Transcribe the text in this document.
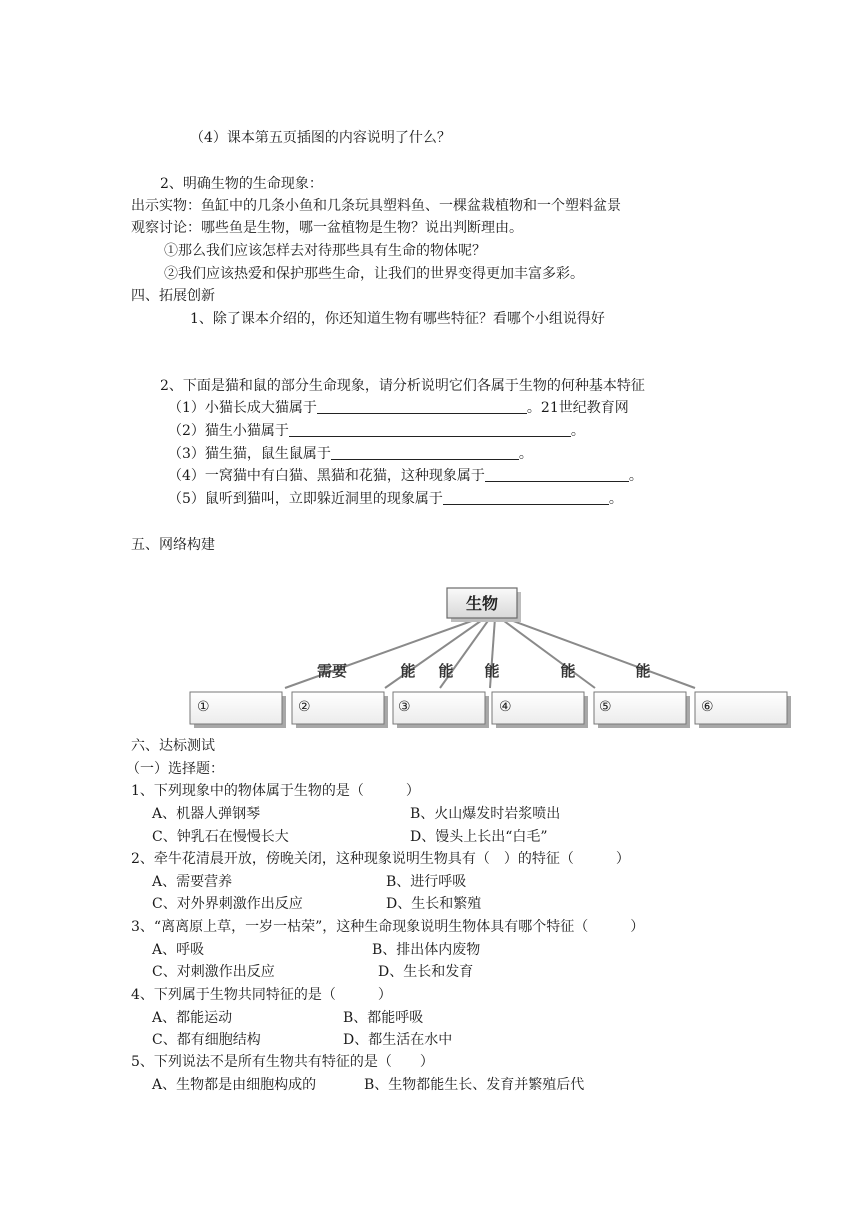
（4）课本第五页插图的内容说明了什么？
2、明确生物的生命现象：
出示实物：鱼缸中的几条小鱼和几条玩具塑料鱼、一棵盆栽植物和一个塑料盆景
观察讨论：哪些鱼是生物，哪一盆植物是生物？说出判断理由。
①那么我们应该怎样去对待那些具有生命的物体呢？
②我们应该热爱和保护那些生命，让我们的世界变得更加丰富多彩。
四、拓展创新
1、除了课本介绍的，你还知道生物有哪些特征？看哪个小组说得好
2、下面是猫和鼠的部分生命现象，请分析说明它们各属于生物的何种基本特征
（1）小猫长成大猫属于	。21世纪教育网
（2）猫生小猫属于	。
（3）猫生猫，鼠生鼠属于	。
（4）一窝猫中有白猫、黑猫和花猫，这种现象属于	。
（5）鼠听到猫叫，立即躲近洞里的现象属于	。
五、网络构建
生物
需要	能 能 能	能	能
①	②	③	④	⑤	⑥
六、达标测试
（一）选择题：
1、下列现象中的物体属于生物的是（　　　）
A、机器人弹钢琴	B、火山爆发时岩浆喷出
C、钟乳石在慢慢长大	D、馒头上长出“白毛”
2、牵牛花清晨开放，傍晚关闭，这种现象说明生物具有（　）的特征（　　　）
A、需要营养	B、进行呼吸
C、对外界刺激作出反应	D、生长和繁殖
3、“离离原上草，一岁一枯荣”，这种生命现象说明生物体具有哪个特征（　　　）
A、呼吸	B、排出体内废物
C、对刺激作出反应	D、生长和发育
4、下列属于生物共同特征的是（　　　）
A、都能运动	B、都能呼吸
C、都有细胞结构	D、都生活在水中
5、下列说法不是所有生物共有特征的是（　　）
A、生物都是由细胞构成的	B、生物都能生长、发育并繁殖后代
